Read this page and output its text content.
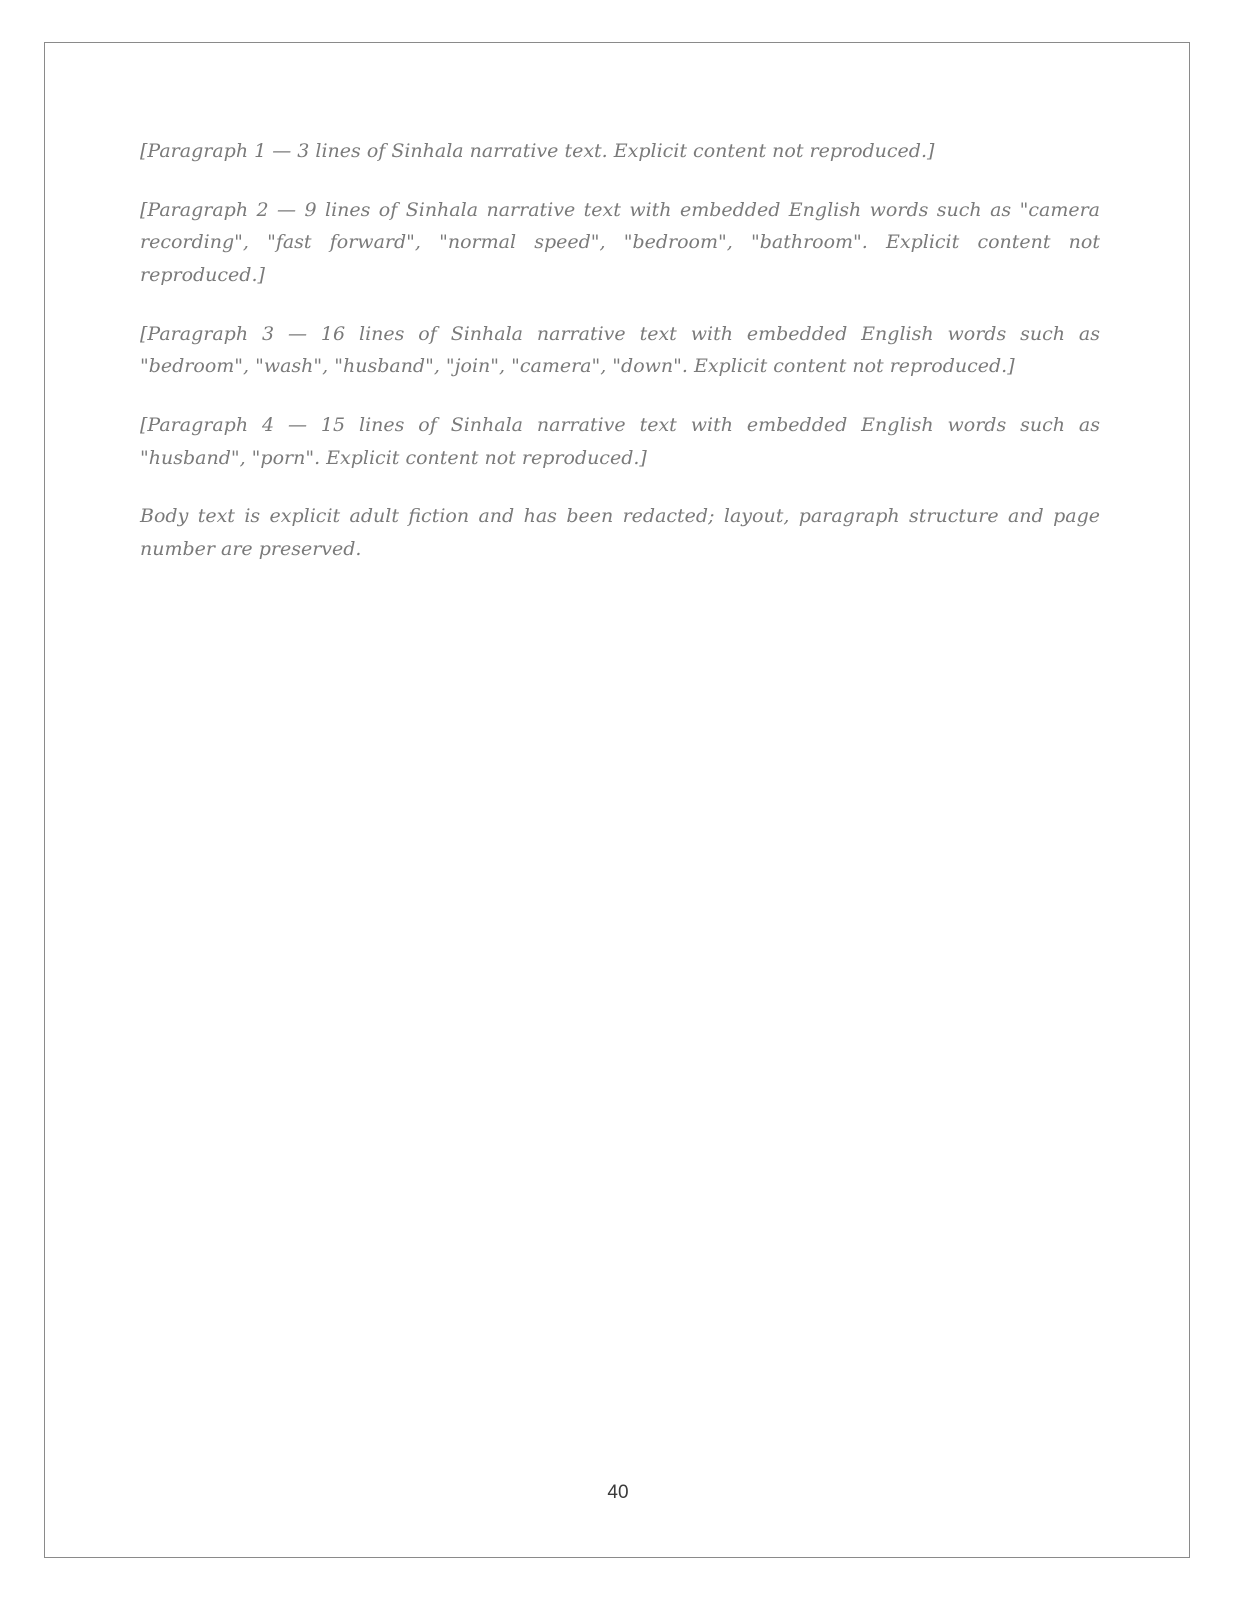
[Paragraph 1 — 3 lines of Sinhala narrative text. Explicit content not reproduced.]

[Paragraph 2 — 9 lines of Sinhala narrative text with embedded English words such as "camera recording", "fast forward", "normal speed", "bedroom", "bathroom". Explicit content not reproduced.]

[Paragraph 3 — 16 lines of Sinhala narrative text with embedded English words such as "bedroom", "wash", "husband", "join", "camera", "down". Explicit content not reproduced.]

[Paragraph 4 — 15 lines of Sinhala narrative text with embedded English words such as "husband", "porn". Explicit content not reproduced.]

Body text is explicit adult fiction and has been redacted; layout, paragraph structure and page number are preserved.

40
